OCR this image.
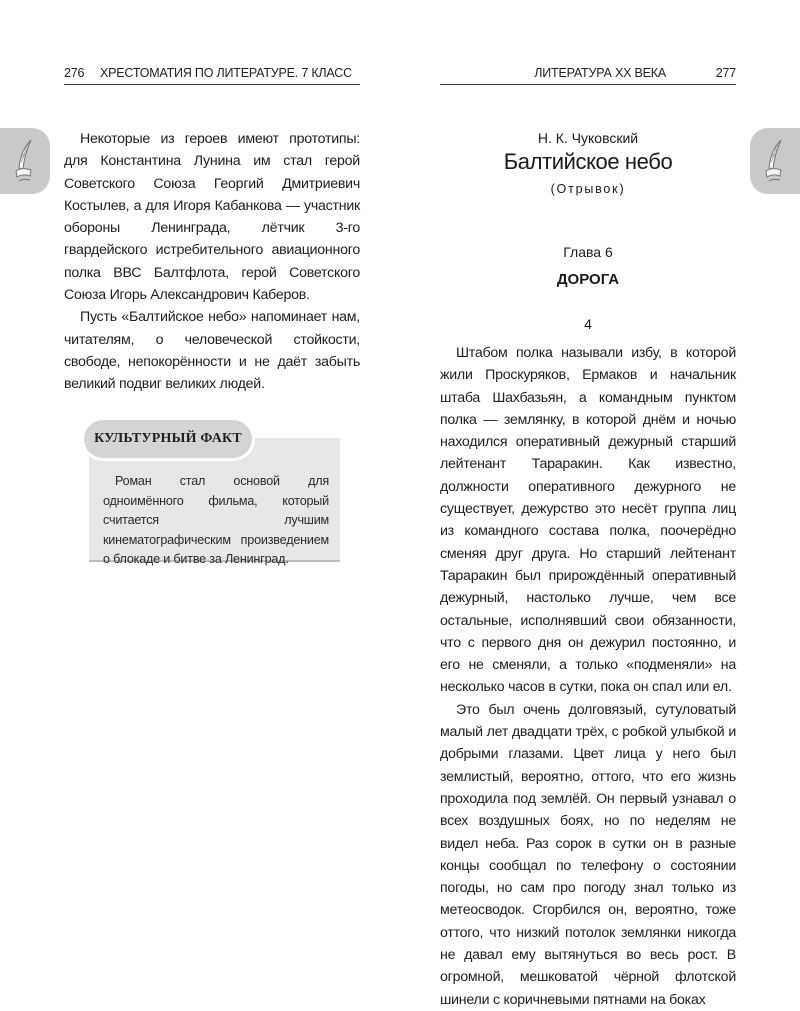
276 ХРЕСТОМАТИЯ ПО ЛИТЕРАТУРЕ. 7 КЛАСС

Некоторые из героев имеют прототипы: для Константина Лунина им стал герой Советского Союза Георгий Дмитриевич Костылев, а для Игоря Кабанкова — участник обороны Ленинграда, лётчик 3-го гвардейского истребительного авиационного полка ВВС Балтфлота, герой Советского Союза Игорь Александрович Каберов.

Пусть «Балтийское небо» напоминает нам, читателям, о человеческой стойкости, свободе, непокорённости и не даёт забыть великий подвиг великих людей.

КУЛЬТУРНЫЙ ФАКТ
Роман стал основой для одноимённого фильма, который считается лучшим кинематографическим произведением о блокаде и битве за Ленинград.
ЛИТЕРАТУРА XX ВЕКА	277
Н. К. Чуковский
Балтийское небо
(Отрывок)
Глава 6
ДОРОГА
4

Штабом полка называли избу, в которой жили Проскуряков, Ермаков и начальник штаба Шахбазьян, а командным пунктом полка — землянку, в которой днём и ночью находился оперативный дежурный старший лейтенант Тараракин. Как известно, должности оперативного дежурного не существует, дежурство это несёт группа лиц из командного состава полка, поочерёдно сменяя друг друга. Но старший лейтенант Тараракин был прирождённый оперативный дежурный, настолько лучше, чем все остальные, исполнявший свои обязанности, что с первого дня он дежурил постоянно, и его не сменяли, а только «подменяли» на несколько часов в сутки, пока он спал или ел.

Это был очень долговязый, сутуловатый малый лет двадцати трёх, с робкой улыбкой и добрыми глазами. Цвет лица у него был землистый, вероятно, оттого, что его жизнь проходила под землёй. Он первый узнавал о всех воздушных боях, но по неделям не видел неба. Раз сорок в сутки он в разные концы сообщал по телефону о состоянии погоды, но сам про погоду знал только из метеосводок. Сгорбился он, вероятно, тоже оттого, что низкий потолок землянки никогда не давал ему вытянуться во весь рост. В огромной, мешковатой чёрной флотской шинели с коричневыми пятнами на боках
